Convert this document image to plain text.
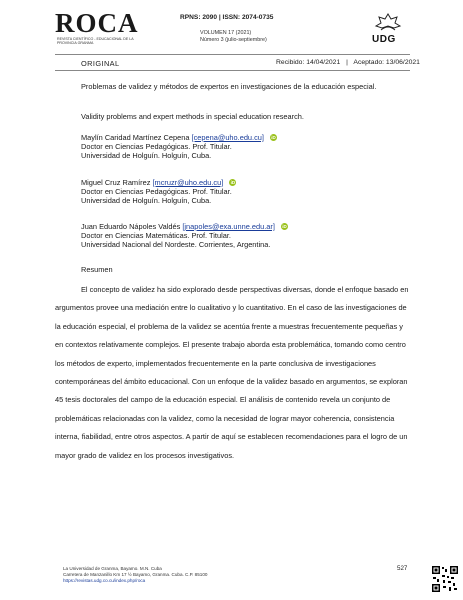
ROCA
REVISTA CIENTÍFICO - EDUCACIONAL DE LA PROVINCIA GRANMA
RPNS: 2090 | ISSN: 2074-0735
VOLUMEN 17 (2021)
Número 3 (julio-septiembre)	UDG
ORIGINAL	Recibido: 14/04/2021 | Aceptado: 13/06/2021
Problemas de validez y métodos de expertos en investigaciones de la educación especial.
Validity problems and expert methods in special education research.
Maylín Caridad Martínez Cepena [cepena@uho.edu.cu] iD
Doctor en Ciencias Pedagógicas. Prof. Titular.
Universidad de Holguín. Holguín, Cuba.
Miguel Cruz Ramírez [mcruzr@uho.edu.cu] iD
Doctor en Ciencias Pedagógicas. Prof. Titular.
Universidad de Holguín. Holguín, Cuba.
Juan Eduardo Nápoles Valdés [jnapoles@exa.unne.edu.ar] iD
Doctor en Ciencias Matemáticas. Prof. Titular.
Universidad Nacional del Nordeste. Corrientes, Argentina.
Resumen
El concepto de validez ha sido explorado desde perspectivas diversas, donde el enfoque basado en argumentos provee una mediación entre lo cualitativo y lo cuantitativo. En el caso de las investigaciones de la educación especial, el problema de la validez se acentúa frente a muestras frecuentemente pequeñas y en contextos relativamente complejos. El presente trabajo aborda esta problemática, tomando como centro los métodos de experto, implementados frecuentemente en la parte conclusiva de investigaciones contemporáneas del ámbito educacional. Con un enfoque de la validez basado en argumentos, se exploran 45 tesis doctorales del campo de la educación especial. El análisis de contenido revela un conjunto de problemáticas relacionadas con la validez, como la necesidad de lograr mayor coherencia, consistencia interna, fiabilidad, entre otros aspectos. A partir de aquí se establecen recomendaciones para el logro de un mayor grado de validez en los procesos investigativos.
La Universidad de Granma, Bayamo. M.N. Cuba
Carretera de Manzanillo Km 17 ½ Bayamo, Granma. Cuba. C.P. 85100
https://revistas.udg.co.cu/index.php/roca
527
